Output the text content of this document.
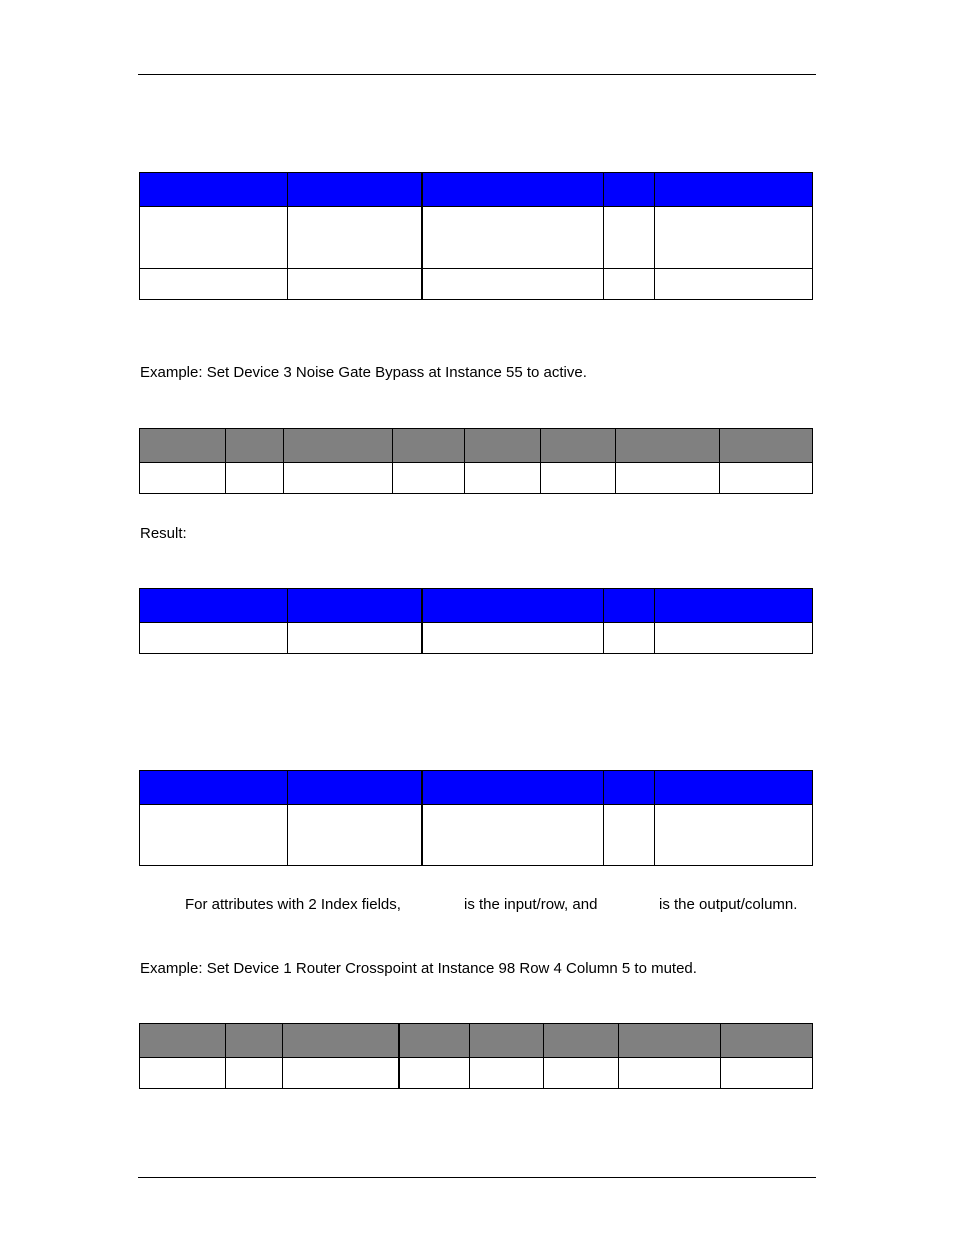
Example: Set Device 3 Noise Gate Bypass at Instance 55 to active.

Result:

For attributes with 2 Index fields,	is the input/row, and	is the output/column.
Example: Set Device 1 Router Crosspoint at Instance 98 Row 4 Column 5 to muted.
